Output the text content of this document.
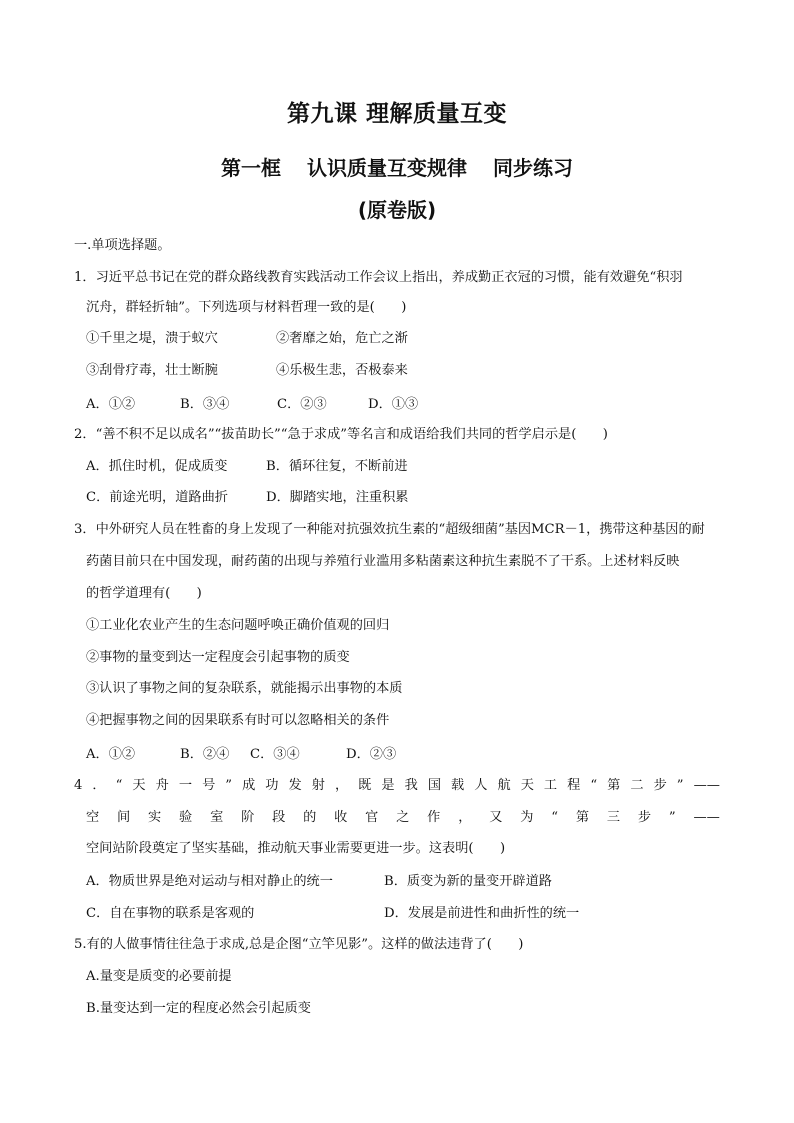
第九课 理解质量互变
第一框 认识质量互变规律 同步练习
(原卷版)
一.单项选择题。
1．习近平总书记在党的群众路线教育实践活动工作会议上指出，养成勤正衣冠的习惯，能有效避免“积羽
沉舟，群轻折轴”。下列选项与材料哲理一致的是(　　)
①千里之堤，溃于蚁穴	②奢靡之始，危亡之渐
③刮骨疗毒，壮士断腕	④乐极生悲，否极泰来
A．①②	B．③④	C．②③	D．①③
2．“善不积不足以成名”“拔苗助长”“急于求成”等名言和成语给我们共同的哲学启示是(　　)
A．抓住时机，促成质变	B．循环往复，不断前进
C．前途光明，道路曲折	D．脚踏实地，注重积累
3．中外研究人员在牲畜的身上发现了一种能对抗强效抗生素的“超级细菌”基因MCR－1，携带这种基因的耐
药菌目前只在中国发现，耐药菌的出现与养殖行业滥用多粘菌素这种抗生素脱不了干系。上述材料反映
的哲学道理有(　　)
①工业化农业产生的生态问题呼唤正确价值观的回归
②事物的量变到达一定程度会引起事物的质变
③认识了事物之间的复杂联系，就能揭示出事物的本质
④把握事物之间的因果联系有时可以忽略相关的条件
A．①②	B．②④ C．③④	D．②③
4 ． “ 天 舟 一 号 ” 成 功 发 射 ， 既 是 我 国 载 人 航 天 工 程 “ 第 二 步 ” ——
空 间 实 验 室 阶 段 的 收 官 之 作 ， 又 为 “ 第 三 步 ” ——
空间站阶段奠定了坚实基础，推动航天事业需要更进一步。这表明(　　)
A．物质世界是绝对运动与相对静止的统一	B．质变为新的量变开辟道路
C．自在事物的联系是客观的	D．发展是前进性和曲折性的统一
5.有的人做事情往往急于求成,总是企图“立竿见影”。这样的做法违背了(　　)
A.量变是质变的必要前提
B.量变达到一定的程度必然会引起质变
